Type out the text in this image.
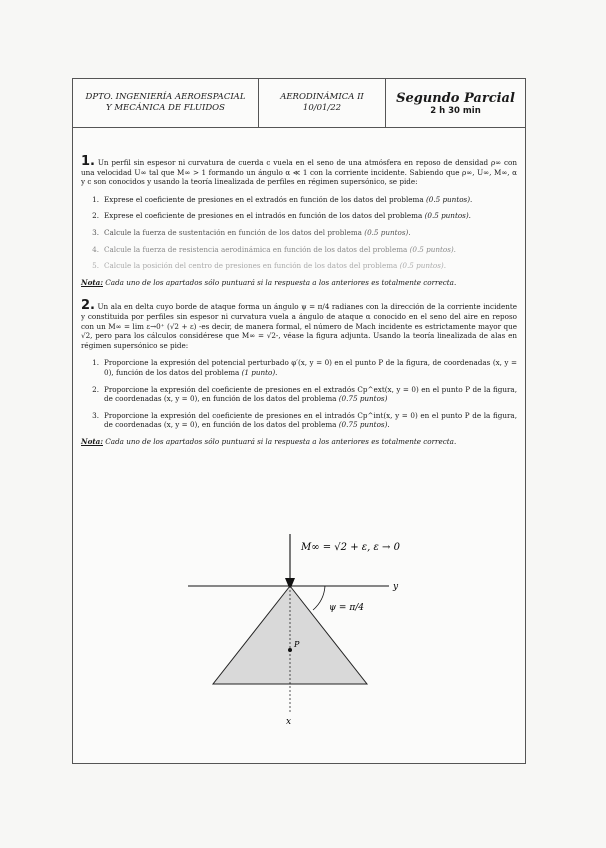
DPTO. INGENIERÍA AEROESPACIAL
Y MECÁNICA DE FLUIDOS
AERODINÁMICA II
10/01/22
Segundo Parcial
2 h 30 min
1. Un perfil sin espesor ni curvatura de cuerda c vuela en el seno de una atmósfera en reposo de densidad ρ∞ con una velocidad U∞ tal que M∞ > 1 formando un ángulo α ≪ 1 con la corriente incidente. Sabiendo que ρ∞, U∞, M∞, α y c son conocidos y usando la teoría linealizada de perfiles en régimen supersónico, se pide:
1. Exprese el coeficiente de presiones en el extradós en función de los datos del problema (0.5 puntos).
2. Exprese el coeficiente de presiones en el intradós en función de los datos del problema (0.5 puntos).
3. Calcule la fuerza de sustentación en función de los datos del problema (0.5 puntos).
4. Calcule la fuerza de resistencia aerodinámica en función de los datos del problema (0.5 puntos).
5. Calcule la posición del centro de presiones en función de los datos del problema (0.5 puntos).
Nota: Cada uno de los apartados sólo puntuará si la respuesta a los anteriores es totalmente correcta.
2. Un ala en delta cuyo borde de ataque forma un ángulo ψ = π/4 radianes con la dirección de la corriente incidente y constituida por perfiles sin espesor ni curvatura vuela a ángulo de ataque α conocido en el seno del aire en reposo con un M∞ = lim ε→0⁺ (√2 + ε) -es decir, de manera formal, el número de Mach incidente es estrictamente mayor que √2, pero para los cálculos considérese que M∞ = √2-, véase la figura adjunta. Usando la teoría linealizada de alas en régimen supersónico se pide:
1. Proporcione la expresión del potencial perturbado φ′(x, y = 0) en el punto P de la figura, de coordenadas (x, y = 0), función de los datos del problema (1 punto).
2. Proporcione la expresión del coeficiente de presiones en el extradós Cp^ext(x, y = 0) en el punto P de la figura, de coordenadas (x, y = 0), en función de los datos del problema (0.75 puntos)
3. Proporcione la expresión del coeficiente de presiones en el intradós Cp^int(x, y = 0) en el punto P de la figura, de coordenadas (x, y = 0), en función de los datos del problema (0.75 puntos).
Nota: Cada uno de los apartados sólo puntuará si la respuesta a los anteriores es totalmente correcta.
M∞ = √2 + ε, ε → 0
y
x
ψ = π/4
P
